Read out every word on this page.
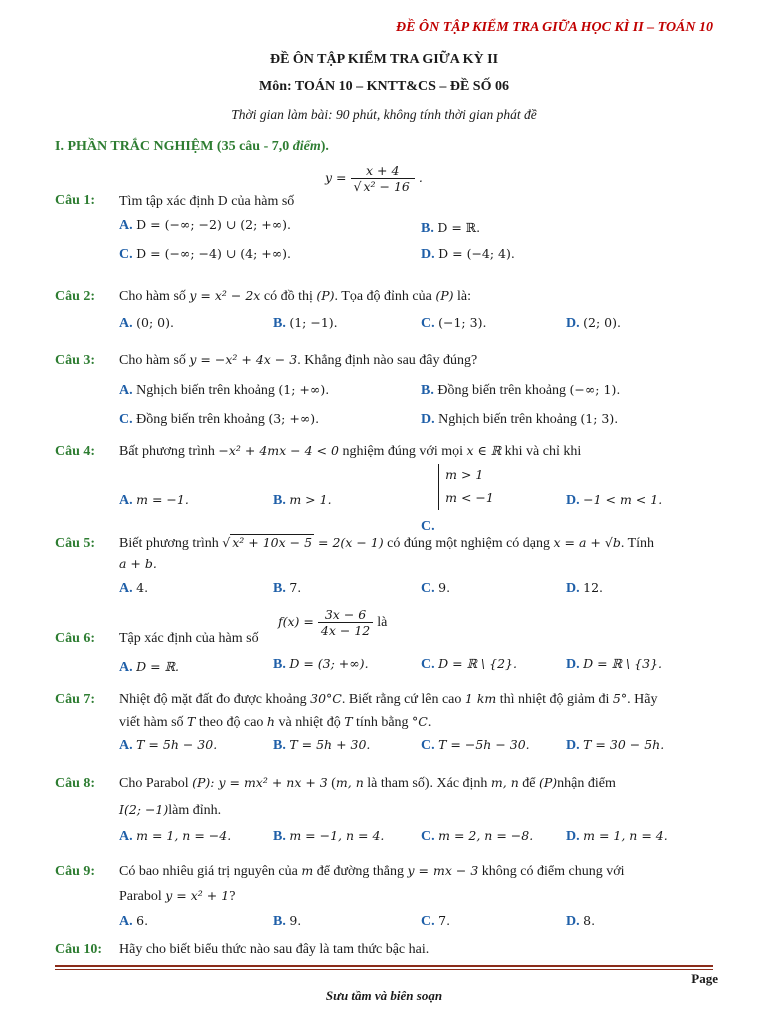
ĐỀ ÔN TẬP KIỂM TRA GIỮA HỌC KÌ II – TOÁN 10
ĐỀ ÔN TẬP KIỂM TRA GIỮA KỲ II
Môn: TOÁN 10 – KNTT&CS – ĐỀ SỐ 06
Thời gian làm bài: 90 phút, không tính thời gian phát đề
I. PHẦN TRẮC NGHIỆM (35 câu - 7,0 điểm).
Câu 1: Tìm tập xác định D của hàm số
$y = \frac{x + 4}{\text{√ x² − 16}}$ .
A. D = (−∞; −2) ∪ (2; +∞).	B. D = ℝ.
C. D = (−∞; −4) ∪ (4; +∞).	D. D = (−4; 4).
Câu 2: Cho hàm số y = x² − 2x có đồ thị (P). Tọa độ đỉnh của (P) là:
A. (0; 0).	B. (1; −1).	C. (−1; 3).	D. (2; 0).
Câu 3: Cho hàm số y = −x² + 4x − 3. Khẳng định nào sau đây đúng?
A. Nghịch biến trên khoảng (1; +∞).	B. Đồng biến trên khoảng (−∞; 1).
C. Đồng biến trên khoảng (3; +∞).	D. Nghịch biến trên khoảng (1; 3).
Câu 4: Bất phương trình −x² + 4mx − 4 < 0 nghiệm đúng với mọi x ∈ ℝ khi và chỉ khi
A. m = −1.	B. m > 1.
C. m > 1
m < −1	D. −1 < m < 1.
Câu 5: Biết phương trình √ x² + 10x − 5 = 2(x − 1) có đúng một nghiệm có dạng x = a + √b. Tính
a + b.
A. 4.	B. 7.	C. 9.	D. 12.
Câu 6: Tập xác định của hàm số
$f(x) = \frac{3x - 6}{4x - 12}$ là
A. D = ℝ.	B. D = (3; +∞).	C. D = ℝ \ {2}.	D. D = ℝ \ {3}.
Câu 7: Nhiệt độ mặt đất đo được khoảng 30°C. Biết rằng cứ lên cao 1 km thì nhiệt độ giảm đi 5°. Hãy
viết hàm số T theo độ cao h và nhiệt độ T tính bằng °C.
A. T = 5h − 30.	B. T = 5h + 30.	C. T = −5h − 30.	D. T = 30 − 5h.
Câu 8: Cho Parabol (P): y = mx² + nx + 3 (m, n là tham số). Xác định m, n để (P)nhận điểm
I(2; −1)làm đỉnh.
A. m = 1, n = −4.	B. m = −1, n = 4.	C. m = 2, n = −8. D. m = 1, n = 4.
Câu 9: Có bao nhiêu giá trị nguyên của m để đường thẳng y = mx − 3 không có điểm chung với
Parabol y = x² + 1?
A. 6.	B. 9.	C. 7.	D. 8.
Câu 10: Hãy cho biết biểu thức nào sau đây là tam thức bậc hai.
Page
Sưu tầm và biên soạn
